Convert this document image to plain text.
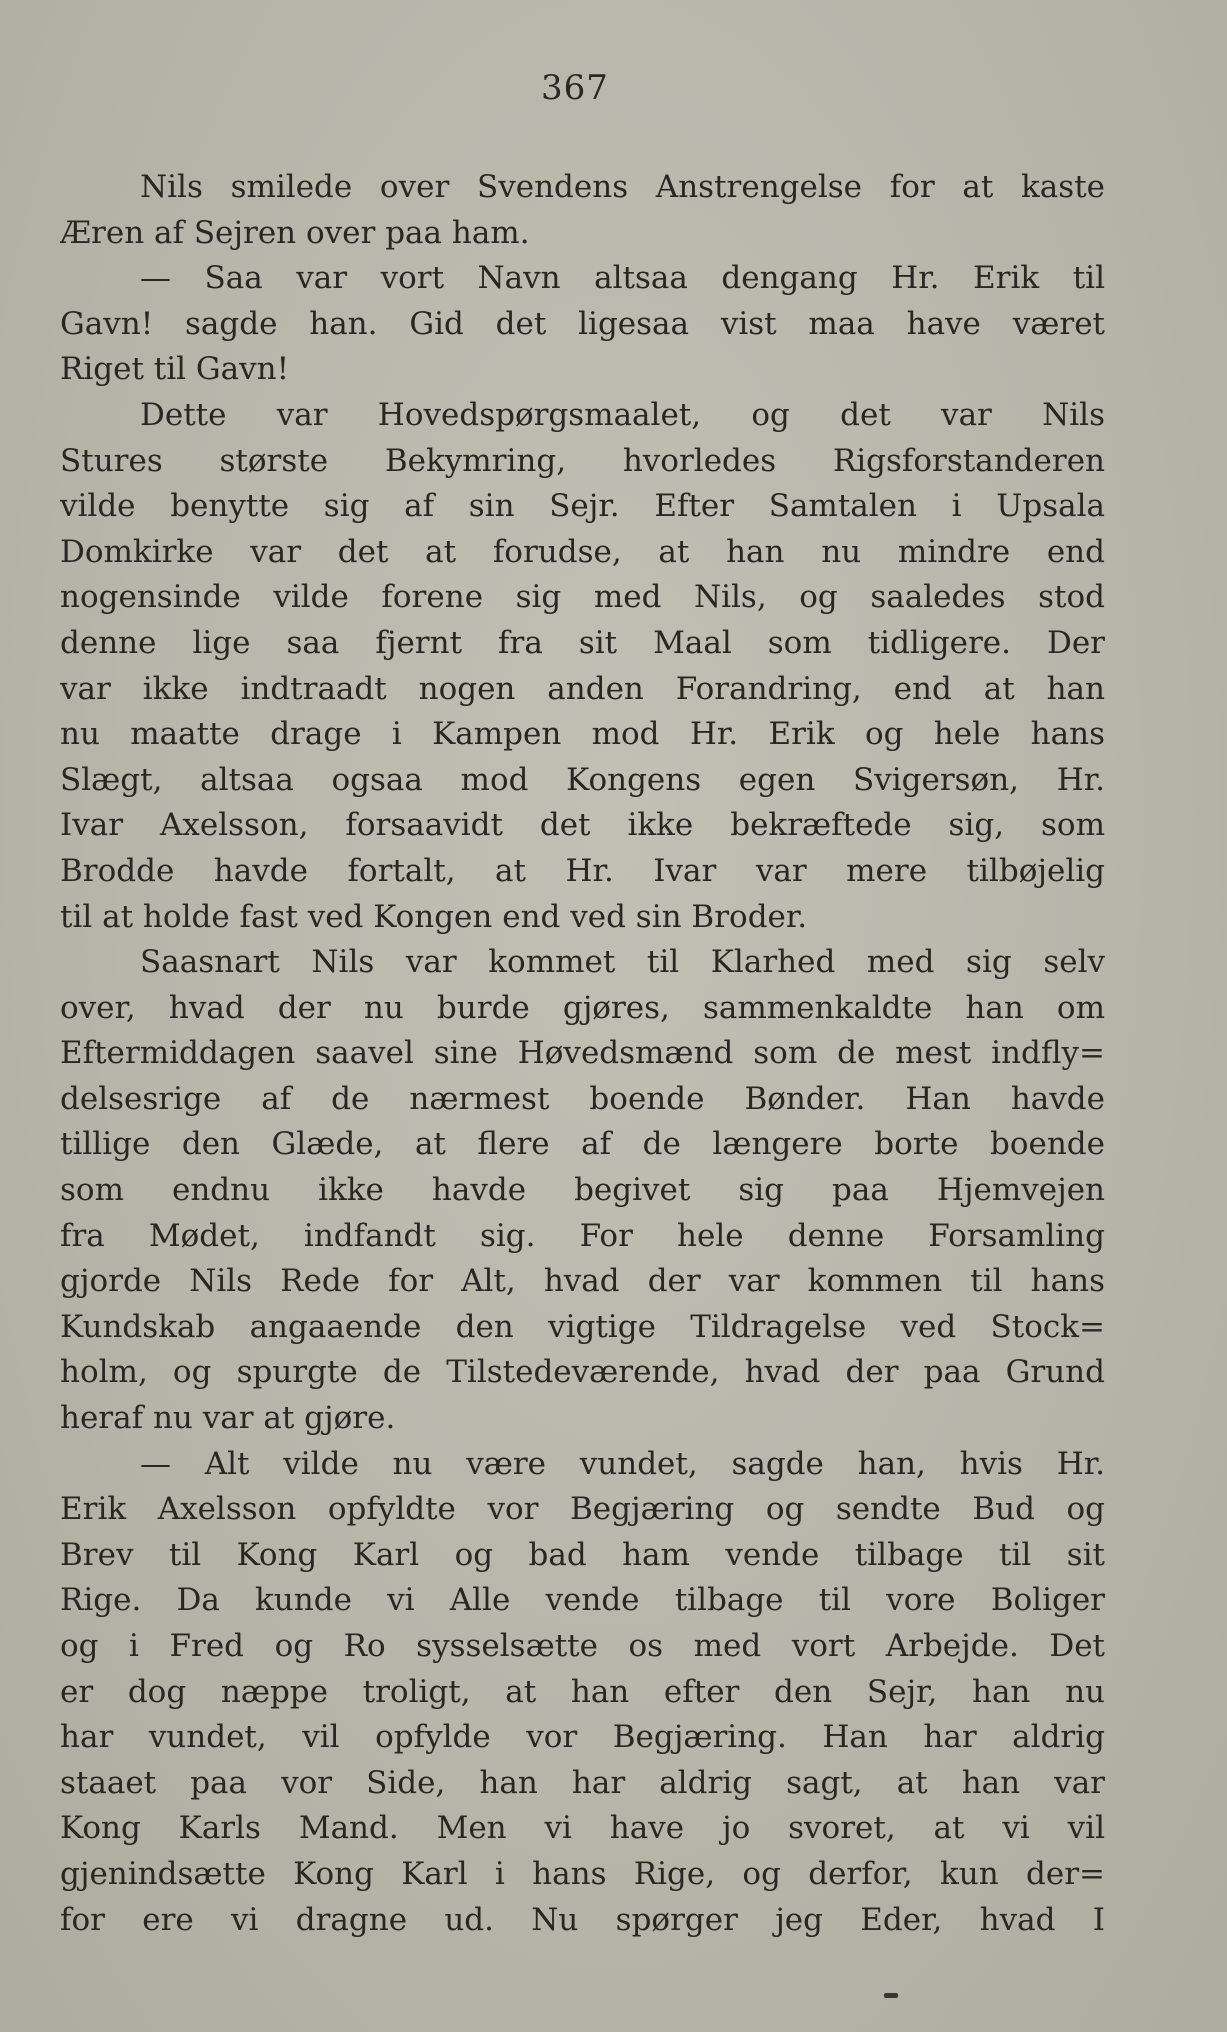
367
Nils smilede over Svendens Anstrengelse for at kaste
Æren af Sejren over paa ham.
— Saa var vort Navn altsaa dengang Hr. Erik til
Gavn! sagde han. Gid det ligesaa vist maa have været
Riget til Gavn!
Dette var Hovedspørgsmaalet, og det var Nils
Stures største Bekymring, hvorledes Rigsforstanderen
vilde benytte sig af sin Sejr. Efter Samtalen i Upsala
Domkirke var det at forudse, at han nu mindre end
nogensinde vilde forene sig med Nils, og saaledes stod
denne lige saa fjernt fra sit Maal som tidligere. Der
var ikke indtraadt nogen anden Forandring, end at han
nu maatte drage i Kampen mod Hr. Erik og hele hans
Slægt, altsaa ogsaa mod Kongens egen Svigersøn, Hr.
Ivar Axelsson, forsaavidt det ikke bekræftede sig, som
Brodde havde fortalt, at Hr. Ivar var mere tilbøjelig
til at holde fast ved Kongen end ved sin Broder.
Saasnart Nils var kommet til Klarhed med sig selv
over, hvad der nu burde gjøres, sammenkaldte han om
Eftermiddagen saavel sine Høvedsmænd som de mest indfly=
delsesrige af de nærmest boende Bønder. Han havde
tillige den Glæde, at flere af de længere borte boende
som endnu ikke havde begivet sig paa Hjemvejen
fra Mødet, indfandt sig. For hele denne Forsamling
gjorde Nils Rede for Alt, hvad der var kommen til hans
Kundskab angaaende den vigtige Tildragelse ved Stock=
holm, og spurgte de Tilstedeværende, hvad der paa Grund
heraf nu var at gjøre.
— Alt vilde nu være vundet, sagde han, hvis Hr.
Erik Axelsson opfyldte vor Begjæring og sendte Bud og
Brev til Kong Karl og bad ham vende tilbage til sit
Rige. Da kunde vi Alle vende tilbage til vore Boliger
og i Fred og Ro sysselsætte os med vort Arbejde. Det
er dog næppe troligt, at han efter den Sejr, han nu
har vundet, vil opfylde vor Begjæring. Han har aldrig
staaet paa vor Side, han har aldrig sagt, at han var
Kong Karls Mand. Men vi have jo svoret, at vi vil
gjenindsætte Kong Karl i hans Rige, og derfor, kun der=
for ere vi dragne ud. Nu spørger jeg Eder, hvad I
